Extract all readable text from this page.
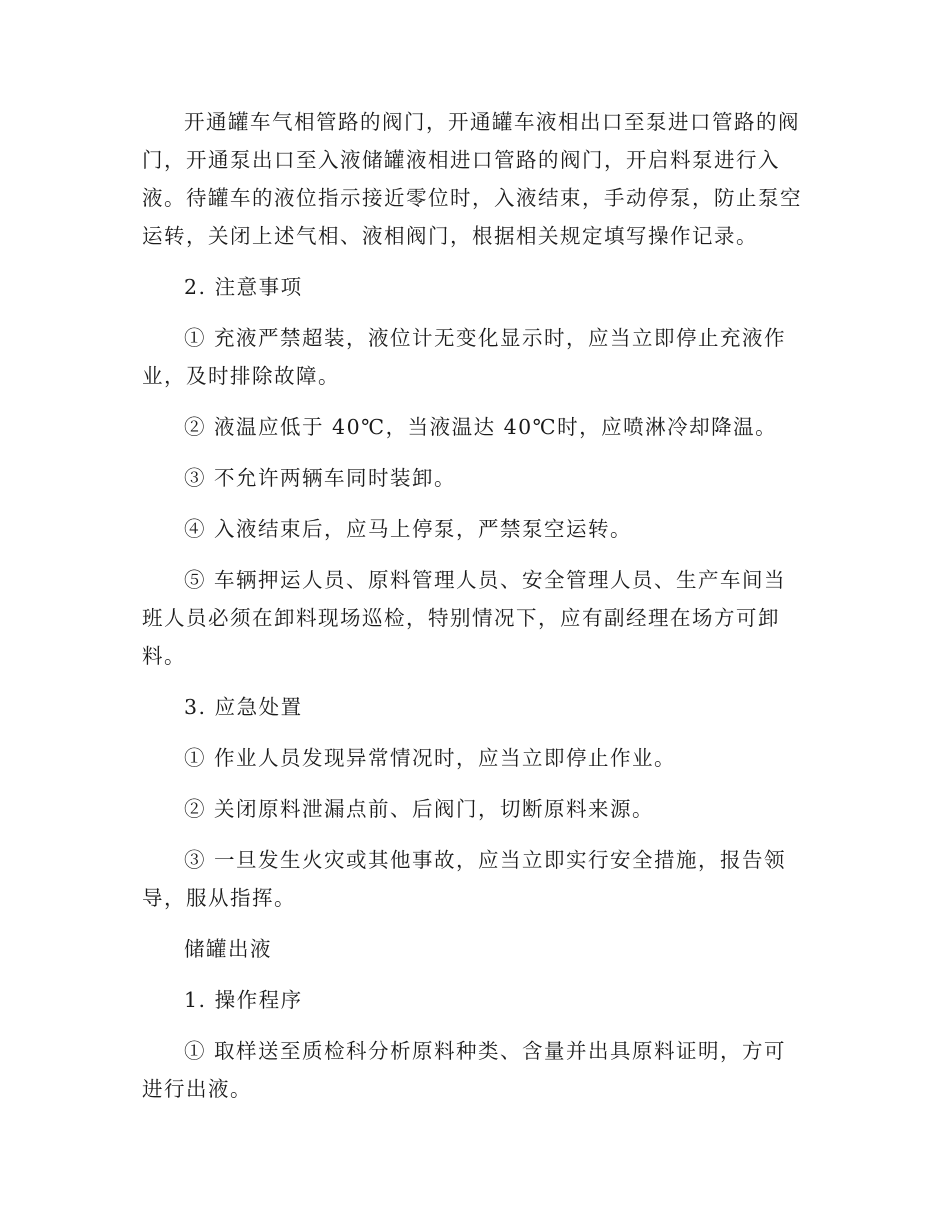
开通罐车气相管路的阀门，开通罐车液相出口至泵进口管路的阀门，开通泵出口至入液储罐液相进口管路的阀门，开启料泵进行入液。待罐车的液位指示接近零位时，入液结束，手动停泵，防止泵空运转，关闭上述气相、液相阀门，根据相关规定填写操作记录。

2. 注意事项

① 充液严禁超装，液位计无变化显示时，应当立即停止充液作业，及时排除故障。

② 液温应低于 40℃，当液温达 40℃时，应喷淋冷却降温。

③ 不允许两辆车同时装卸。

④ 入液结束后，应马上停泵，严禁泵空运转。

⑤ 车辆押运人员、原料管理人员、安全管理人员、生产车间当班人员必须在卸料现场巡检，特别情况下，应有副经理在场方可卸料。

3. 应急处置

① 作业人员发现异常情况时，应当立即停止作业。

② 关闭原料泄漏点前、后阀门，切断原料来源。

③ 一旦发生火灾或其他事故，应当立即实行安全措施，报告领导，服从指挥。

储罐出液

1. 操作程序

① 取样送至质检科分析原料种类、含量并出具原料证明，方可进行出液。
